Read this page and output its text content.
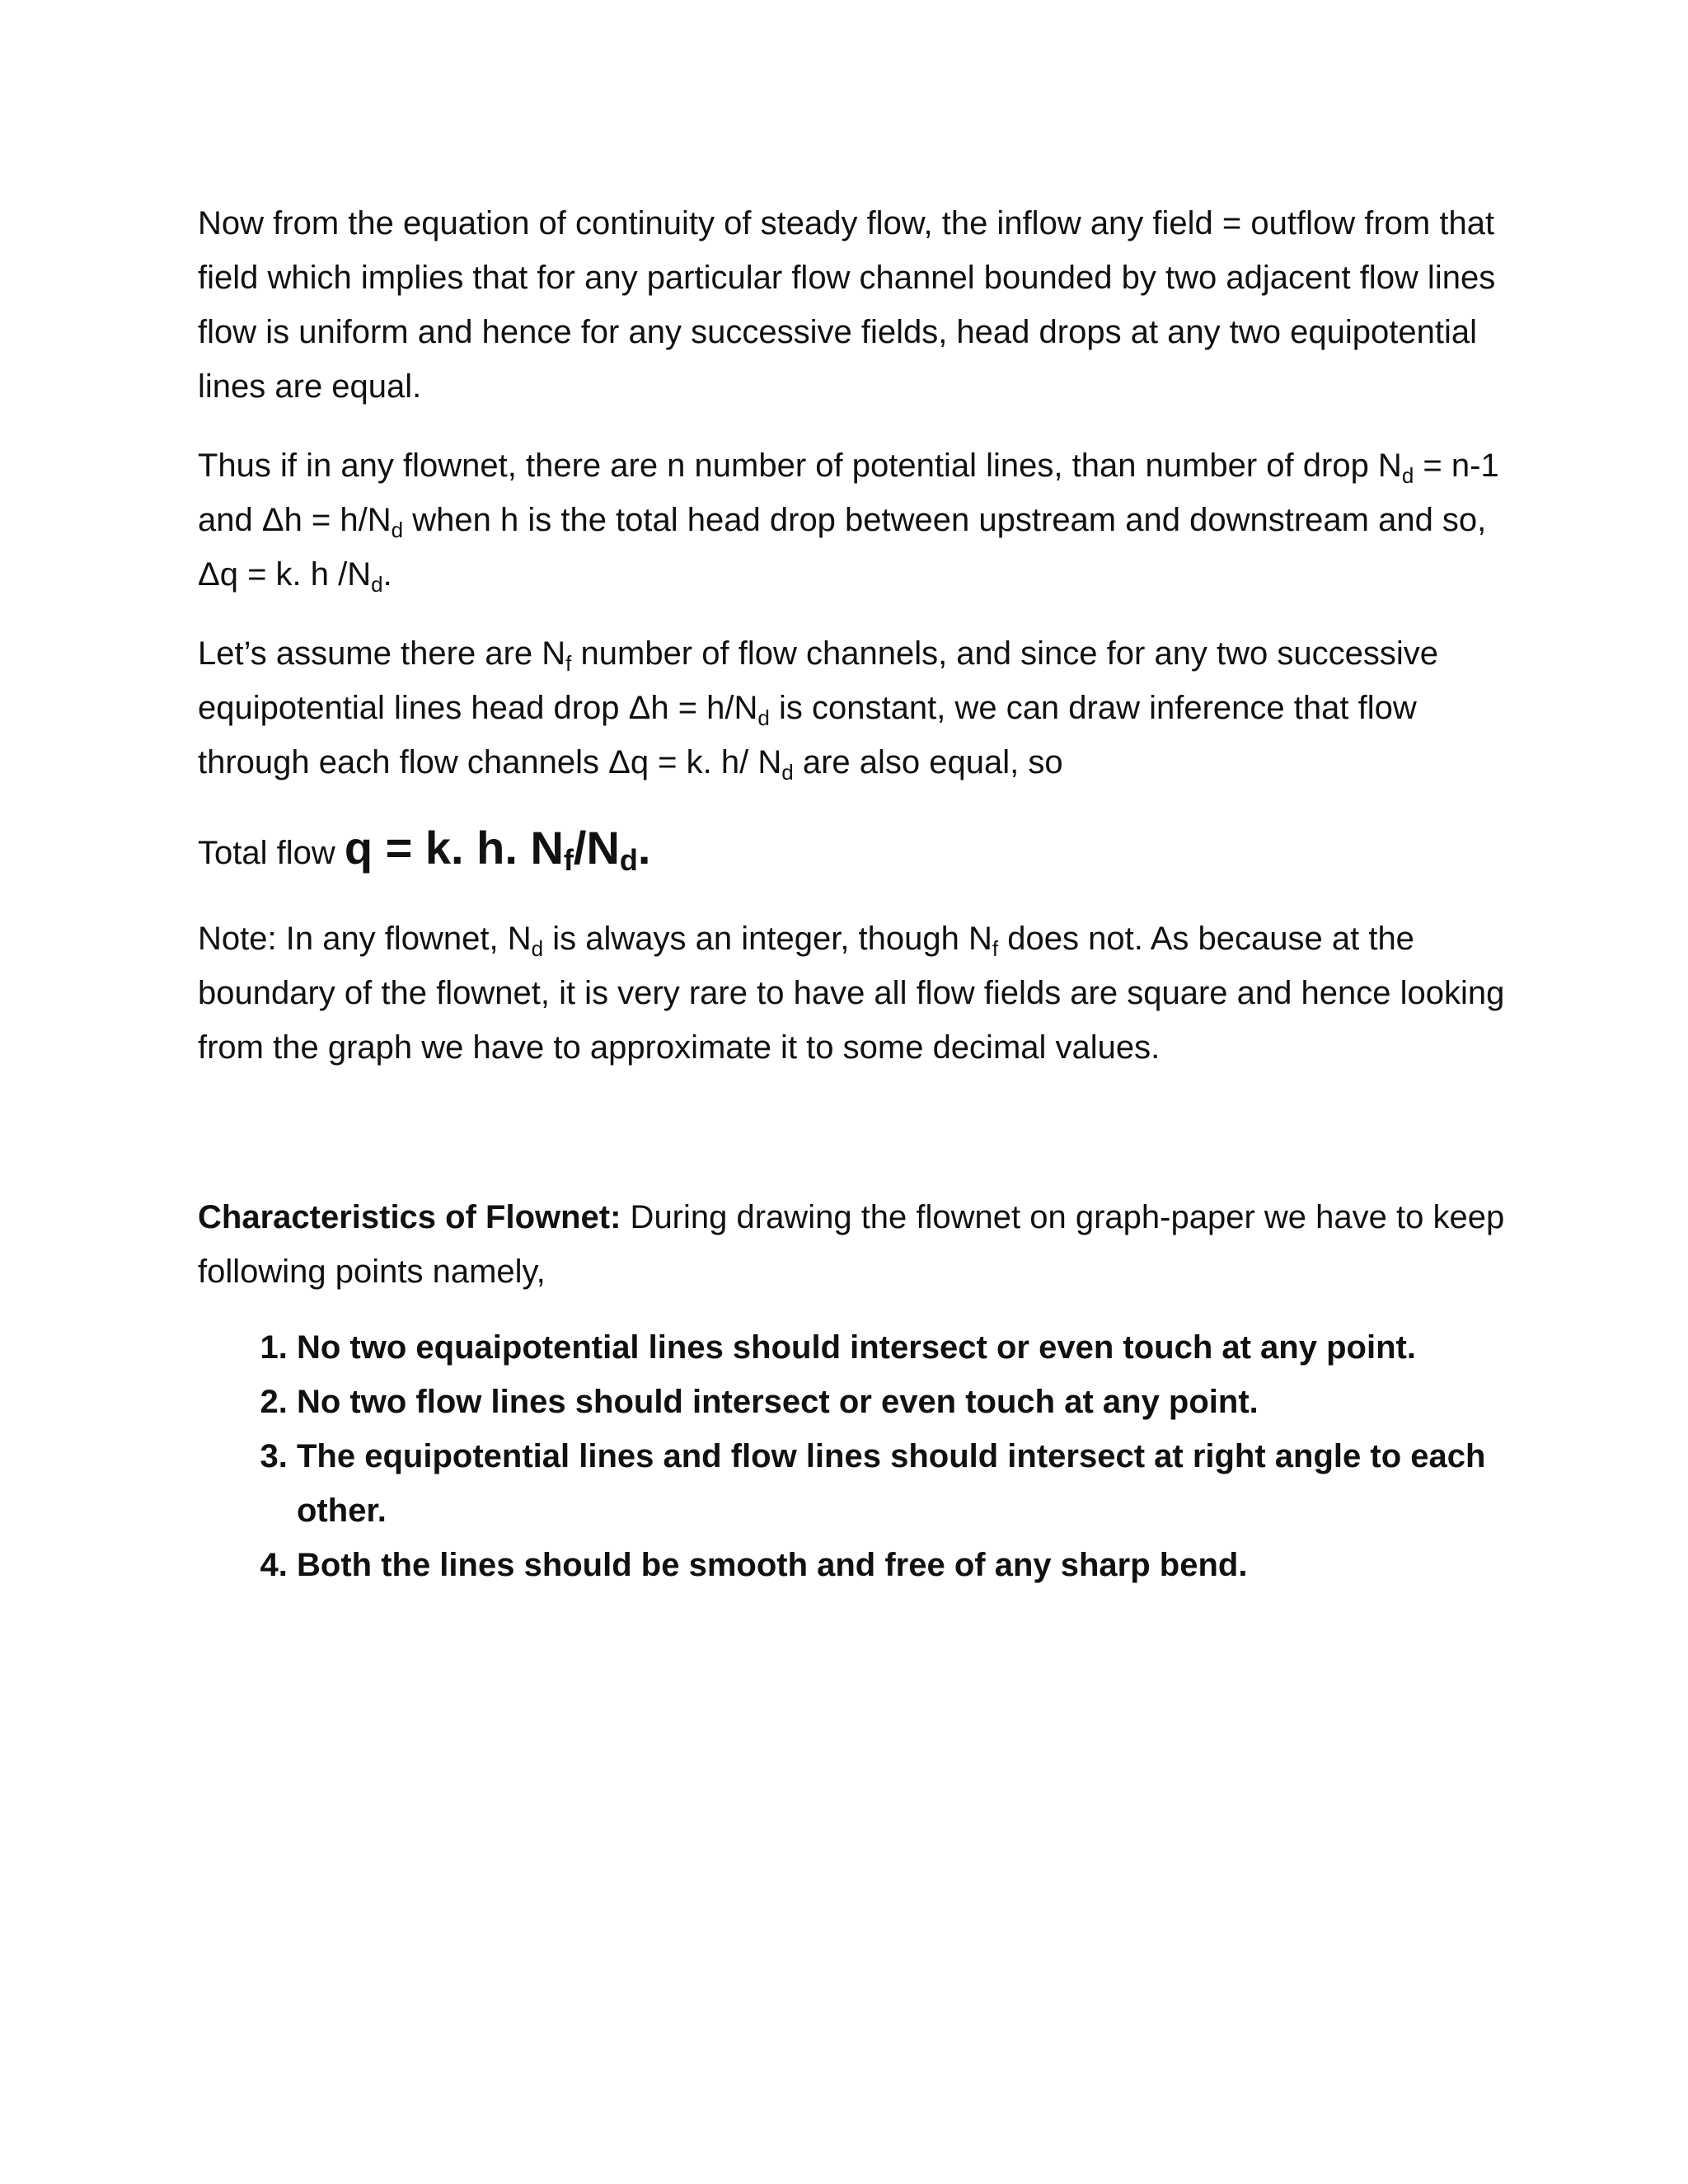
Now from the equation of continuity of steady flow, the inflow any field = outflow from that field which implies that for any particular flow channel bounded by two adjacent flow lines flow is uniform and hence for any successive fields, head drops at any two equipotential lines are equal.

Thus if in any flownet, there are n number of potential lines, than number of drop $N_d = n-1$ and $\Delta h = h/N_d$ when h is the total head drop between upstream and downstream and so, Δq = k. h $/N_d$.

Let’s assume there are $N_f$ number of flow channels, and since for any two successive equipotential lines head drop $\Delta h = h/N_d$ is constant, we can draw inference that flow through each flow channels Δq = k. h/ $N_d$ are also equal, so

Total flow q = k. h. $N_f/N_d$.

Note: In any flownet, $N_d$ is always an integer, though $N_f$ does not. As because at the boundary of the flownet, it is very rare to have all flow fields are square and hence looking from the graph we have to approximate it to some decimal values.

Characteristics of Flownet: During drawing the flownet on graph-paper we have to keep following points namely,

1. No two equaipotential lines should intersect or even touch at any point.
2. No two flow lines should intersect or even touch at any point.
3. The equipotential lines and flow lines should intersect at right angle to each other.
4. Both the lines should be smooth and free of any sharp bend.
